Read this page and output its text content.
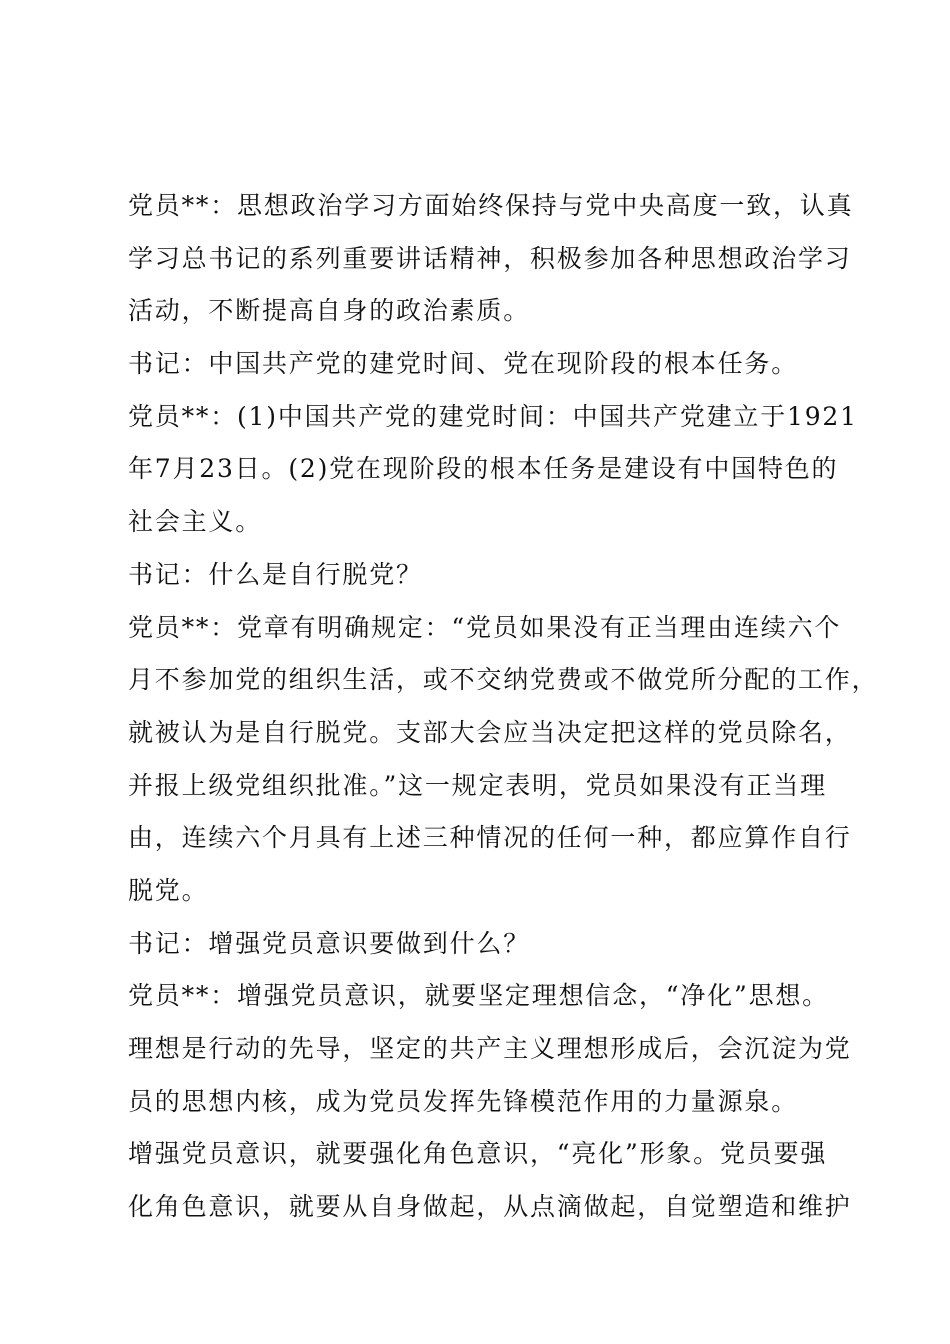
党员**：思想政治学习方面始终保持与党中央高度一致，认真
学习总书记的系列重要讲话精神，积极参加各种思想政治学习
活动，不断提高自身的政治素质。

书记：中国共产党的建党时间、党在现阶段的根本任务。

党员**：(1)中国共产党的建党时间：中国共产党建立于1921
年7月23日。(2)党在现阶段的根本任务是建设有中国特色的
社会主义。

书记：什么是自行脱党？

党员**：党章有明确规定：“党员如果没有正当理由连续六个
月不参加党的组织生活，或不交纳党费或不做党所分配的工作，
就被认为是自行脱党。支部大会应当决定把这样的党员除名，
并报上级党组织批准。”这一规定表明，党员如果没有正当理
由，连续六个月具有上述三种情况的任何一种，都应算作自行
脱党。

书记：增强党员意识要做到什么？

党员**：增强党员意识，就要坚定理想信念，“净化”思想。
理想是行动的先导，坚定的共产主义理想形成后，会沉淀为党
员的思想内核，成为党员发挥先锋模范作用的力量源泉。

增强党员意识，就要强化角色意识，“亮化”形象。党员要强
化角色意识，就要从自身做起，从点滴做起，自觉塑造和维护
